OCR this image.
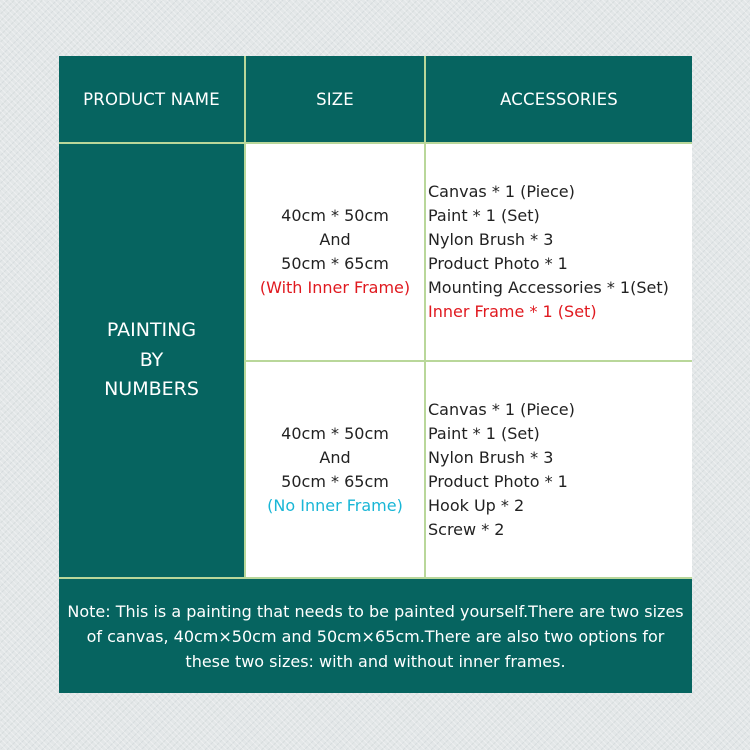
PRODUCT NAME	SIZE	ACCESSORIES
PAINTING
BY
NUMBERS
40cm * 50cm
And
50cm * 65cm
(With Inner Frame)
Canvas * 1 (Piece)
Paint * 1 (Set)
Nylon Brush * 3
Product Photo * 1
Mounting Accessories * 1(Set)
Inner Frame * 1 (Set)
40cm * 50cm
And
50cm * 65cm
(No Inner Frame)
Canvas * 1 (Piece)
Paint * 1 (Set)
Nylon Brush * 3
Product Photo * 1
Hook Up * 2
Screw * 2
Note: This is a painting that needs to be painted yourself.There are two sizes of canvas, 40cm×50cm and 50cm×65cm.There are also two options for these two sizes: with and without inner frames.
